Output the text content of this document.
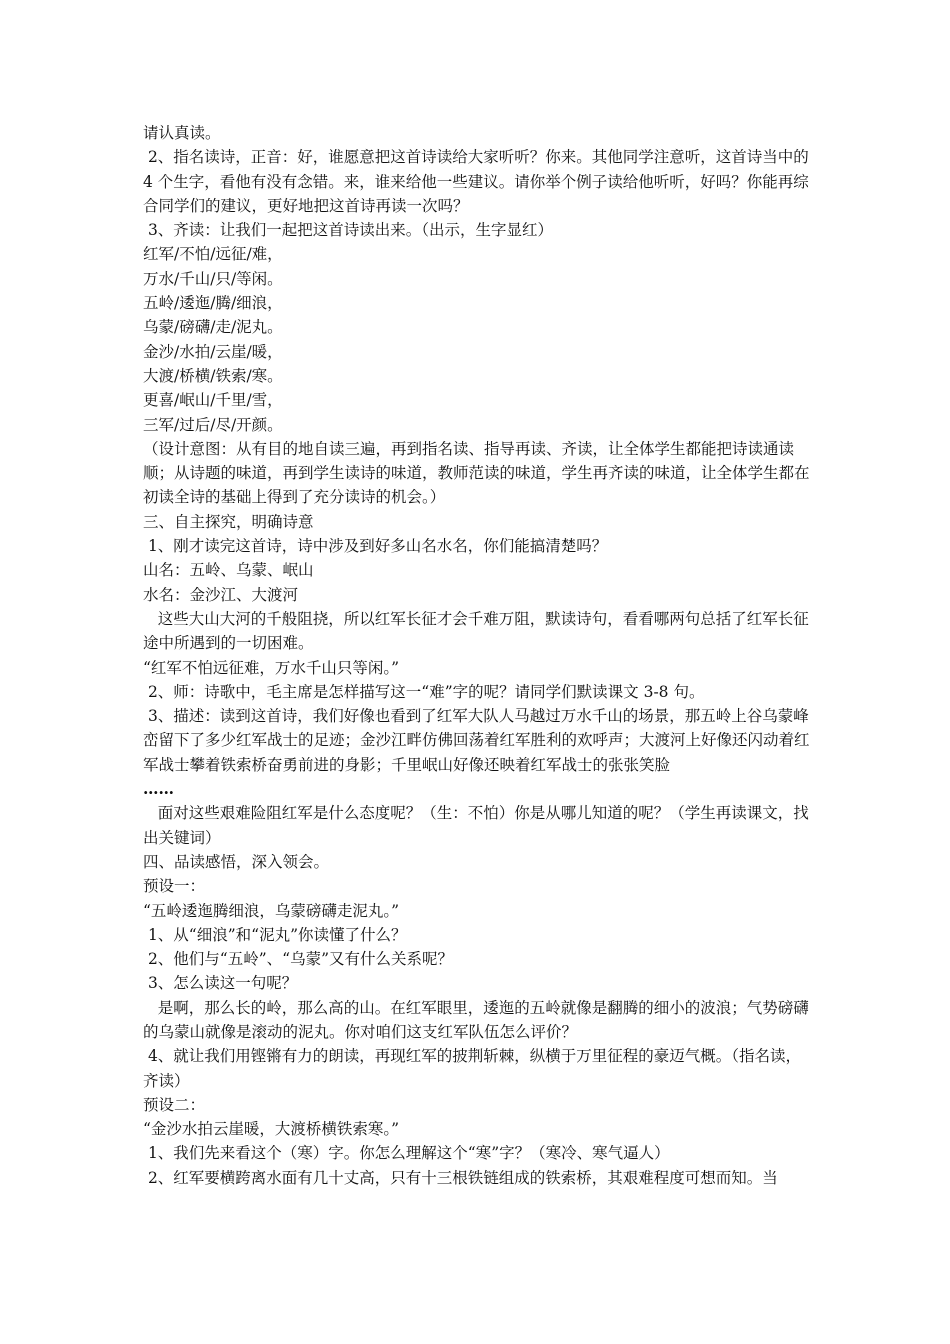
请认真读。

2、指名读诗，正音：好，谁愿意把这首诗读给大家听听？你来。其他同学注意听，这首诗当中的 4 个生字，看他有没有念错。来，谁来给他一些建议。请你举个例子读给他听听，好吗？你能再综合同学们的建议，更好地把这首诗再读一次吗？

3、齐读：让我们一起把这首诗读出来。（出示，生字显红）

红军/不怕/远征/难，

万水/千山/只/等闲。

五岭/逶迤/腾/细浪，

乌蒙/磅礴/走/泥丸。

金沙/水拍/云崖/暖，

大渡/桥横/铁索/寒。

更喜/岷山/千里/雪，

三军/过后/尽/开颜。

（设计意图：从有目的地自读三遍，再到指名读、指导再读、齐读，让全体学生都能把诗读通读顺；从诗题的味道，再到学生读诗的味道，教师范读的味道，学生再齐读的味道，让全体学生都在初读全诗的基础上得到了充分读诗的机会。）

三、自主探究，明确诗意

1、刚才读完这首诗，诗中涉及到好多山名水名，你们能搞清楚吗？

山名：五岭、乌蒙、岷山

水名：金沙江、大渡河

这些大山大河的千般阻挠，所以红军长征才会千难万阻，默读诗句，看看哪两句总括了红军长征途中所遇到的一切困难。

“红军不怕远征难，万水千山只等闲。”

2、师：诗歌中，毛主席是怎样描写这一“难”字的呢？请同学们默读课文 3-8 句。

3、描述：读到这首诗，我们好像也看到了红军大队人马越过万水千山的场景，那五岭上谷乌蒙峰峦留下了多少红军战士的足迹；金沙江畔仿佛回荡着红军胜利的欢呼声；大渡河上好像还闪动着红军战士攀着铁索桥奋勇前进的身影；千里岷山好像还映着红军战士的张张笑脸

……

面对这些艰难险阻红军是什么态度呢？（生：不怕）你是从哪儿知道的呢？（学生再读课文，找出关键词）

四、品读感悟，深入领会。

预设一：

“五岭逶迤腾细浪，乌蒙磅礴走泥丸。”

1、从“细浪”和“泥丸”你读懂了什么？

2、他们与“五岭”、“乌蒙”又有什么关系呢？

3、怎么读这一句呢？

是啊，那么长的岭，那么高的山。在红军眼里，逶迤的五岭就像是翻腾的细小的波浪；气势磅礴的乌蒙山就像是滚动的泥丸。你对咱们这支红军队伍怎么评价？

4、就让我们用铿锵有力的朗读，再现红军的披荆斩棘，纵横于万里征程的豪迈气概。（指名读，齐读）

预设二：

“金沙水拍云崖暖，大渡桥横铁索寒。”

1、我们先来看这个（寒）字。你怎么理解这个“寒”字？（寒冷、寒气逼人）

2、红军要横跨离水面有几十丈高，只有十三根铁链组成的铁索桥，其艰难程度可想而知。当
